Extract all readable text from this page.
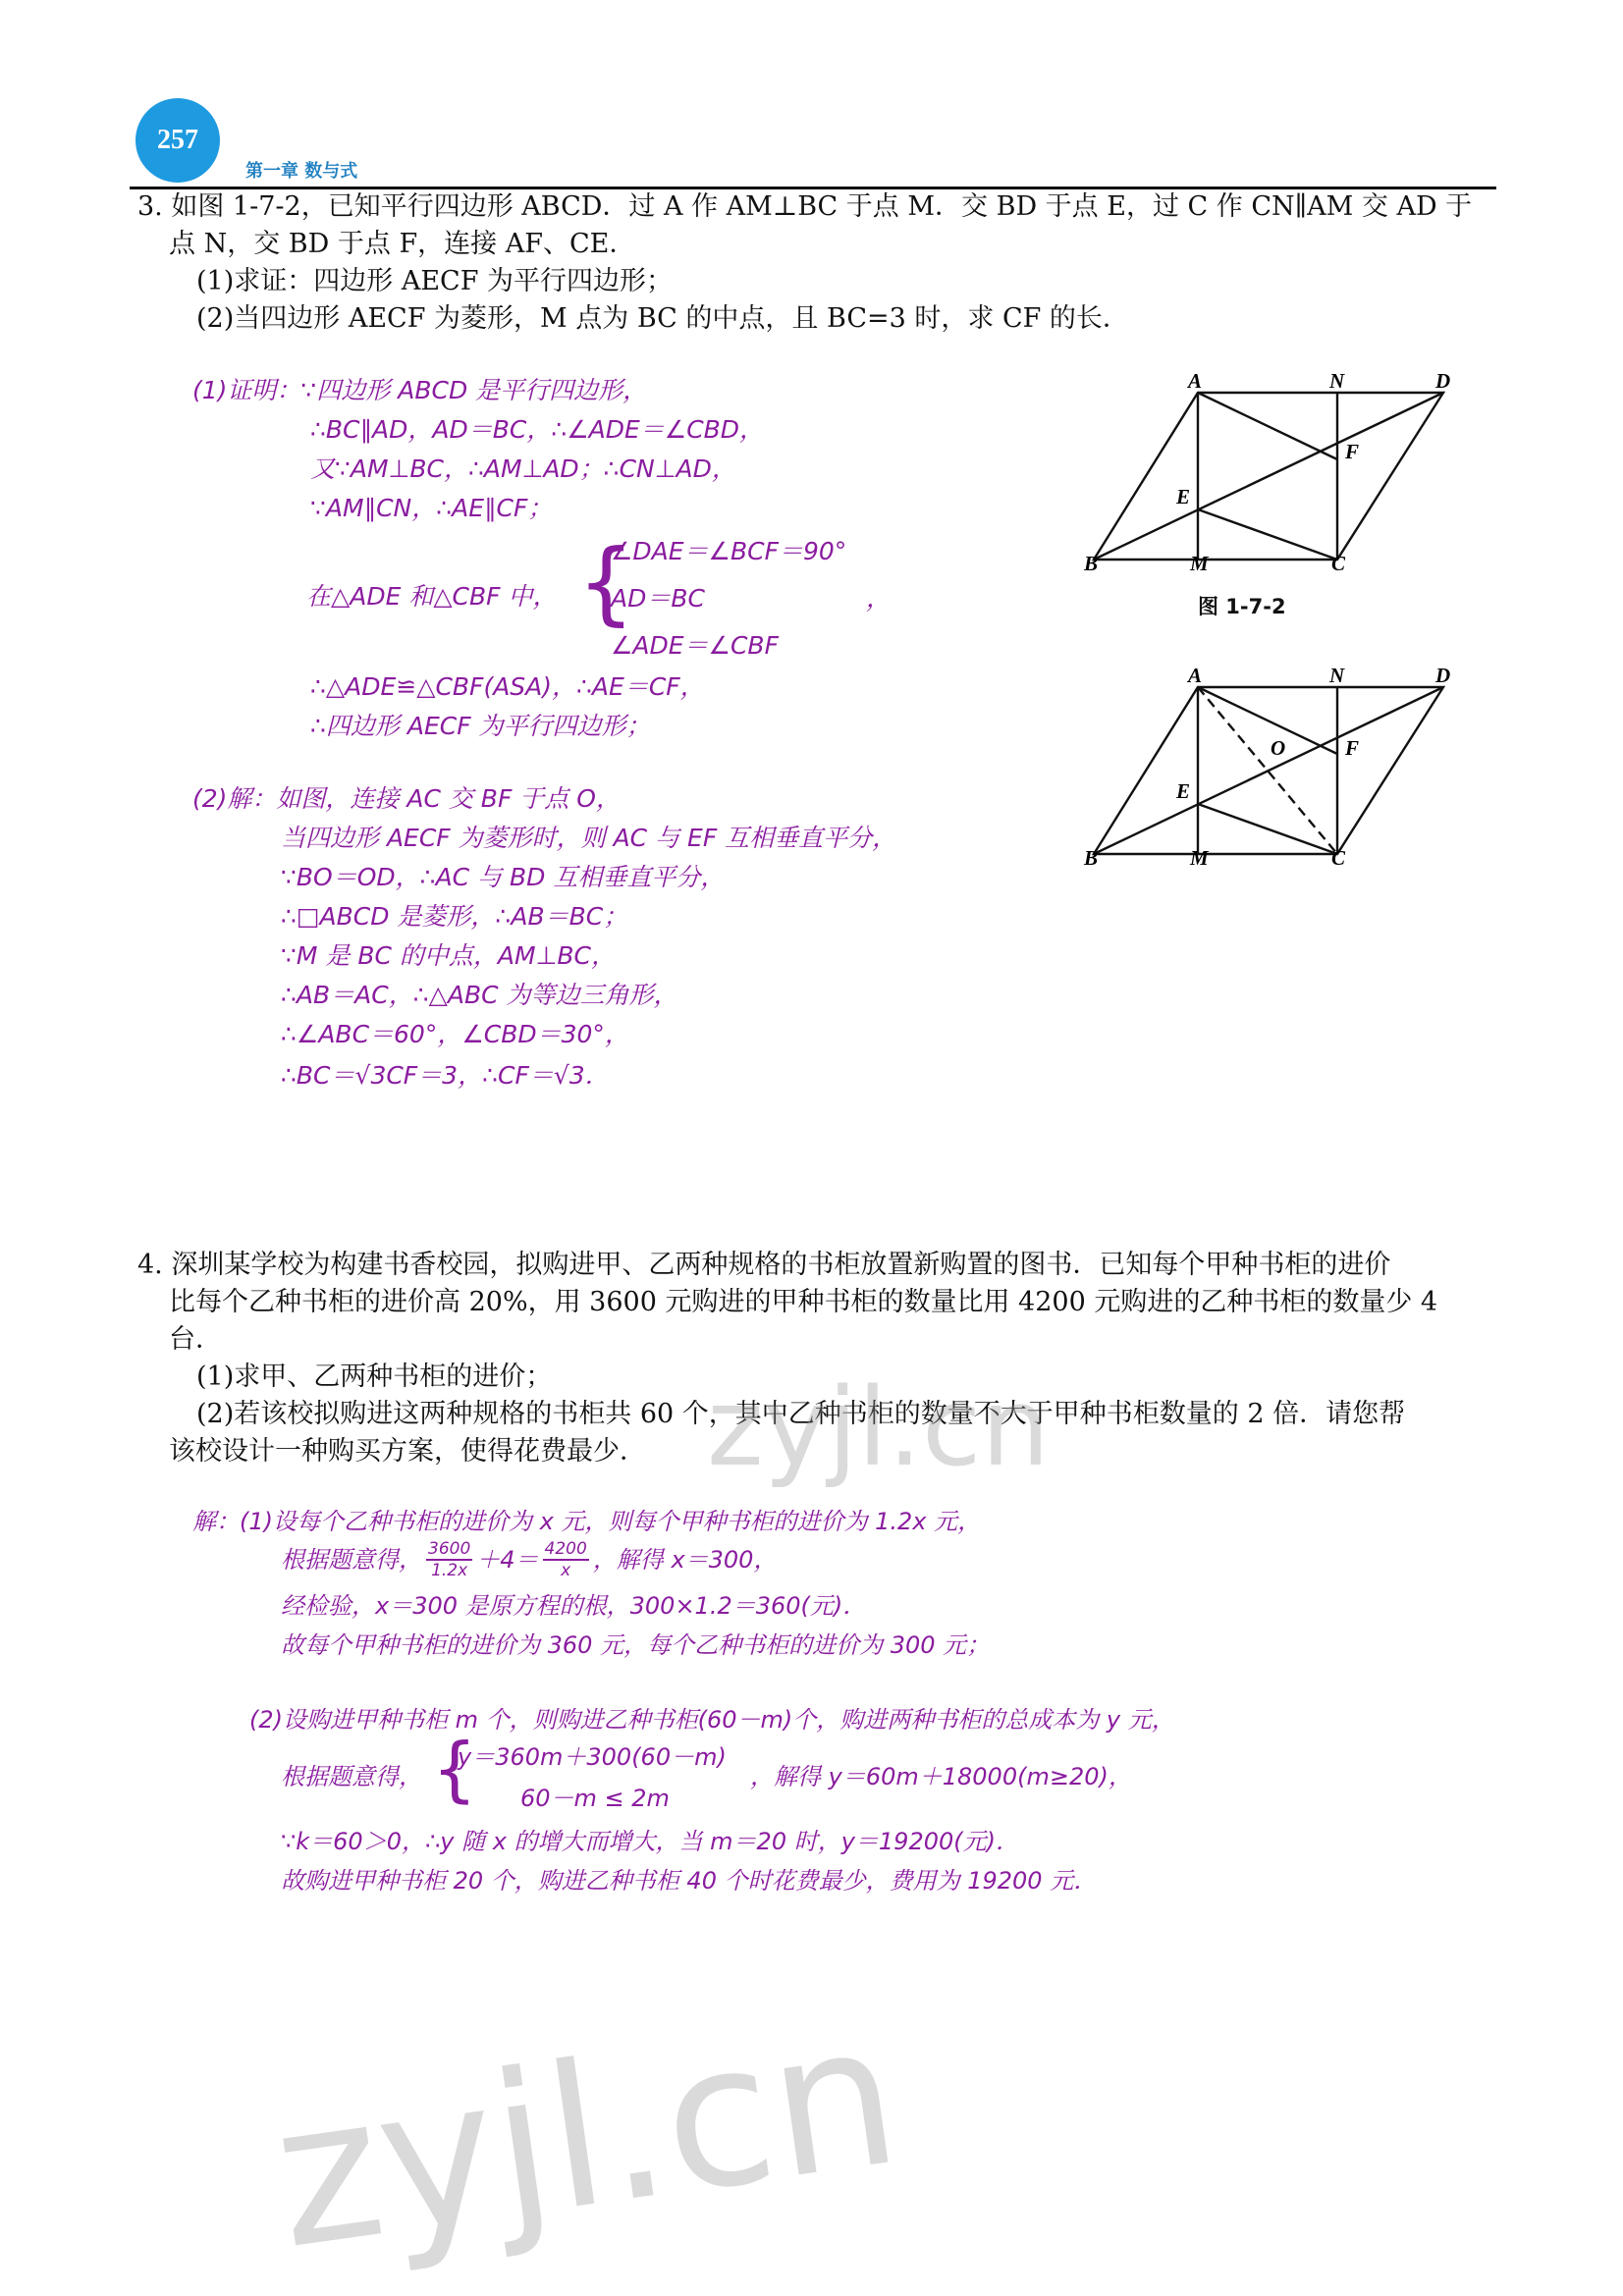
257
第一章 数与式
3. 如图 1-7-2，已知平行四边形 ABCD．过 A 作 AM⊥BC 于点 M．交 BD 于点 E，过 C 作 CN∥AM 交 AD 于
点 N，交 BD 于点 F，连接 AF、CE．
(1)求证：四边形 AECF 为平行四边形；
(2)当四边形 AECF 为菱形，M 点为 BC 的中点，且 BC=3 时，求 CF 的长．
(1)证明：∵四边形 ABCD 是平行四边形，
∴BC∥AD，AD＝BC，∴∠ADE＝∠CBD，
又∵AM⊥BC，∴AM⊥AD；∴CN⊥AD，
∵AM∥CN，∴AE∥CF；
在△ADE 和△CBF 中， {
∠DAE＝∠BCF＝90°
AD＝BC
∠ADE＝∠CBF
，
∴△ADE≌△CBF(ASA)，∴AE＝CF，
∴四边形 AECF 为平行四边形；
(2)解：如图，连接 AC 交 BF 于点 O，
当四边形 AECF 为菱形时，则 AC 与 EF 互相垂直平分，
∵BO＝OD，∴AC 与 BD 互相垂直平分，
∴□ABCD 是菱形，∴AB＝BC；
∵M 是 BC 的中点，AM⊥BC，
∴AB＝AC，∴△ABC 为等边三角形，
∴∠ABC＝60°，∠CBD＝30°，
∴BC＝√3CF＝3，∴CF＝√3．
A	N	D
F
E
B	M	C
图 1-7-2
A	N	D
F
O
E
B	M	C
4. 深圳某学校为构建书香校园，拟购进甲、乙两种规格的书柜放置新购置的图书．已知每个甲种书柜的进价
比每个乙种书柜的进价高 20%，用 3600 元购进的甲种书柜的数量比用 4200 元购进的乙种书柜的数量少 4
台．
(1)求甲、乙两种书柜的进价；
(2)若该校拟购进这两种规格的书柜共 60 个，其中乙种书柜的数量不大于甲种书柜数量的 2 倍．请您帮
该校设计一种购买方案，使得花费最少．
解：(1)设每个乙种书柜的进价为 x 元，则每个甲种书柜的进价为 1.2x 元，
根据题意得， $\frac{3600}{1.2x} +4= \frac{4200}{x}$ ，解得 x＝300，
经检验，x＝300 是原方程的根，300×1.2＝360(元)．
故每个甲种书柜的进价为 360 元，每个乙种书柜的进价为 300 元；
(2)设购进甲种书柜 m 个，则购进乙种书柜(60－m)个，购进两种书柜的总成本为 y 元，
根据题意得， {
y＝360m＋300(60－m)
60－m ≤ 2m
，解得 y＝60m＋18000(m≥20)，
∵k＝60＞0，∴y 随 x 的增大而增大，当 m＝20 时，y＝19200(元)．
故购进甲种书柜 20 个，购进乙种书柜 40 个时花费最少，费用为 19200 元．
zyjl.cn
zyjl.cn
